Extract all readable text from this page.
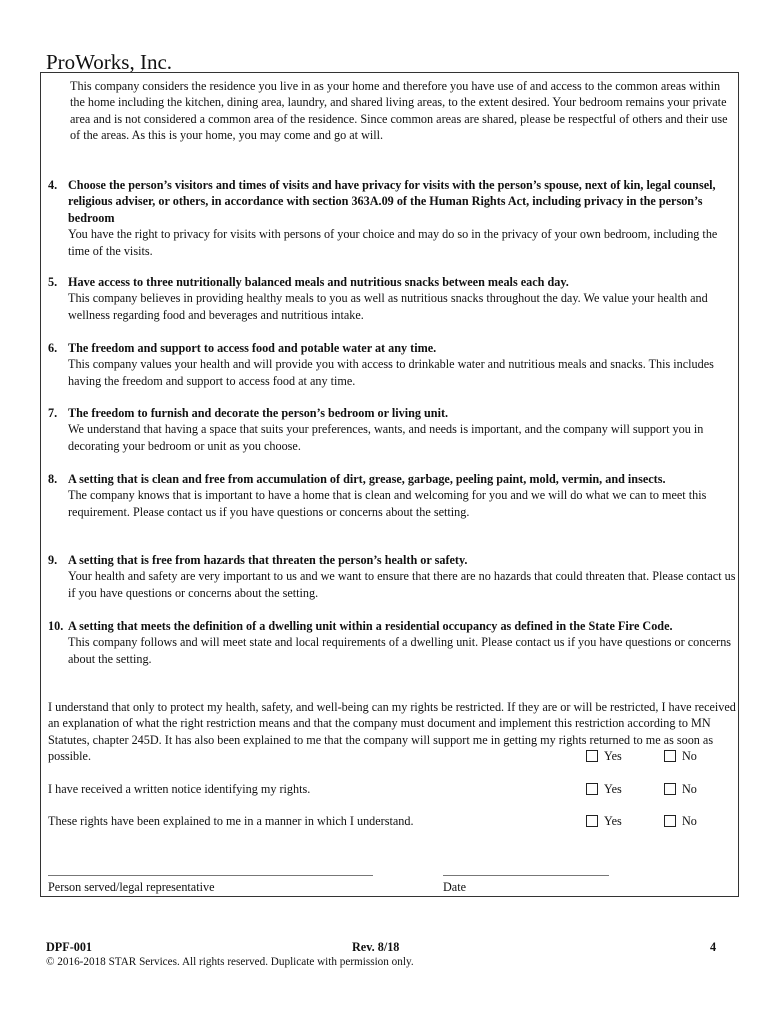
ProWorks, Inc.
This company considers the residence you live in as your home and therefore you have use of and access to the common areas within the home including the kitchen, dining area, laundry, and shared living areas, to the extent desired. Your bedroom remains your private area and is not considered a common area of the residence. Since common areas are shared, please be respectful of others and their use of the areas. As this is your home, you may come and go at will.
4. Choose the person’s visitors and times of visits and have privacy for visits with the person’s spouse, next of kin, legal counsel, religious adviser, or others, in accordance with section 363A.09 of the Human Rights Act, including privacy in the person’s bedroom
You have the right to privacy for visits with persons of your choice and may do so in the privacy of your own bedroom, including the time of the visits.
5. Have access to three nutritionally balanced meals and nutritious snacks between meals each day.
This company believes in providing healthy meals to you as well as nutritious snacks throughout the day. We value your health and wellness regarding food and beverages and nutritious intake.
6. The freedom and support to access food and potable water at any time.
This company values your health and will provide you with access to drinkable water and nutritious meals and snacks. This includes having the freedom and support to access food at any time.
7. The freedom to furnish and decorate the person’s bedroom or living unit.
We understand that having a space that suits your preferences, wants, and needs is important, and the company will support you in decorating your bedroom or unit as you choose.
8. A setting that is clean and free from accumulation of dirt, grease, garbage, peeling paint, mold, vermin, and insects.
The company knows that is important to have a home that is clean and welcoming for you and we will do what we can to meet this requirement. Please contact us if you have questions or concerns about the setting.
9. A setting that is free from hazards that threaten the person’s health or safety.
Your health and safety are very important to us and we want to ensure that there are no hazards that could threaten that. Please contact us if you have questions or concerns about the setting.
10. A setting that meets the definition of a dwelling unit within a residential occupancy as defined in the State Fire Code.
This company follows and will meet state and local requirements of a dwelling unit. Please contact us if you have questions or concerns about the setting.
I understand that only to protect my health, safety, and well-being can my rights be restricted. If they are or will be restricted, I have received an explanation of what the right restriction means and that the company must document and implement this restriction according to MN Statutes, chapter 245D. It has also been explained to me that the company will support me in getting my rights returned to me as soon as possible.	Yes	No
I have received a written notice identifying my rights.	Yes	No
These rights have been explained to me in a manner in which I understand.	Yes	No
Person served/legal representative	Date
DPF-001	Rev. 8/18	4
© 2016-2018 STAR Services. All rights reserved. Duplicate with permission only.
